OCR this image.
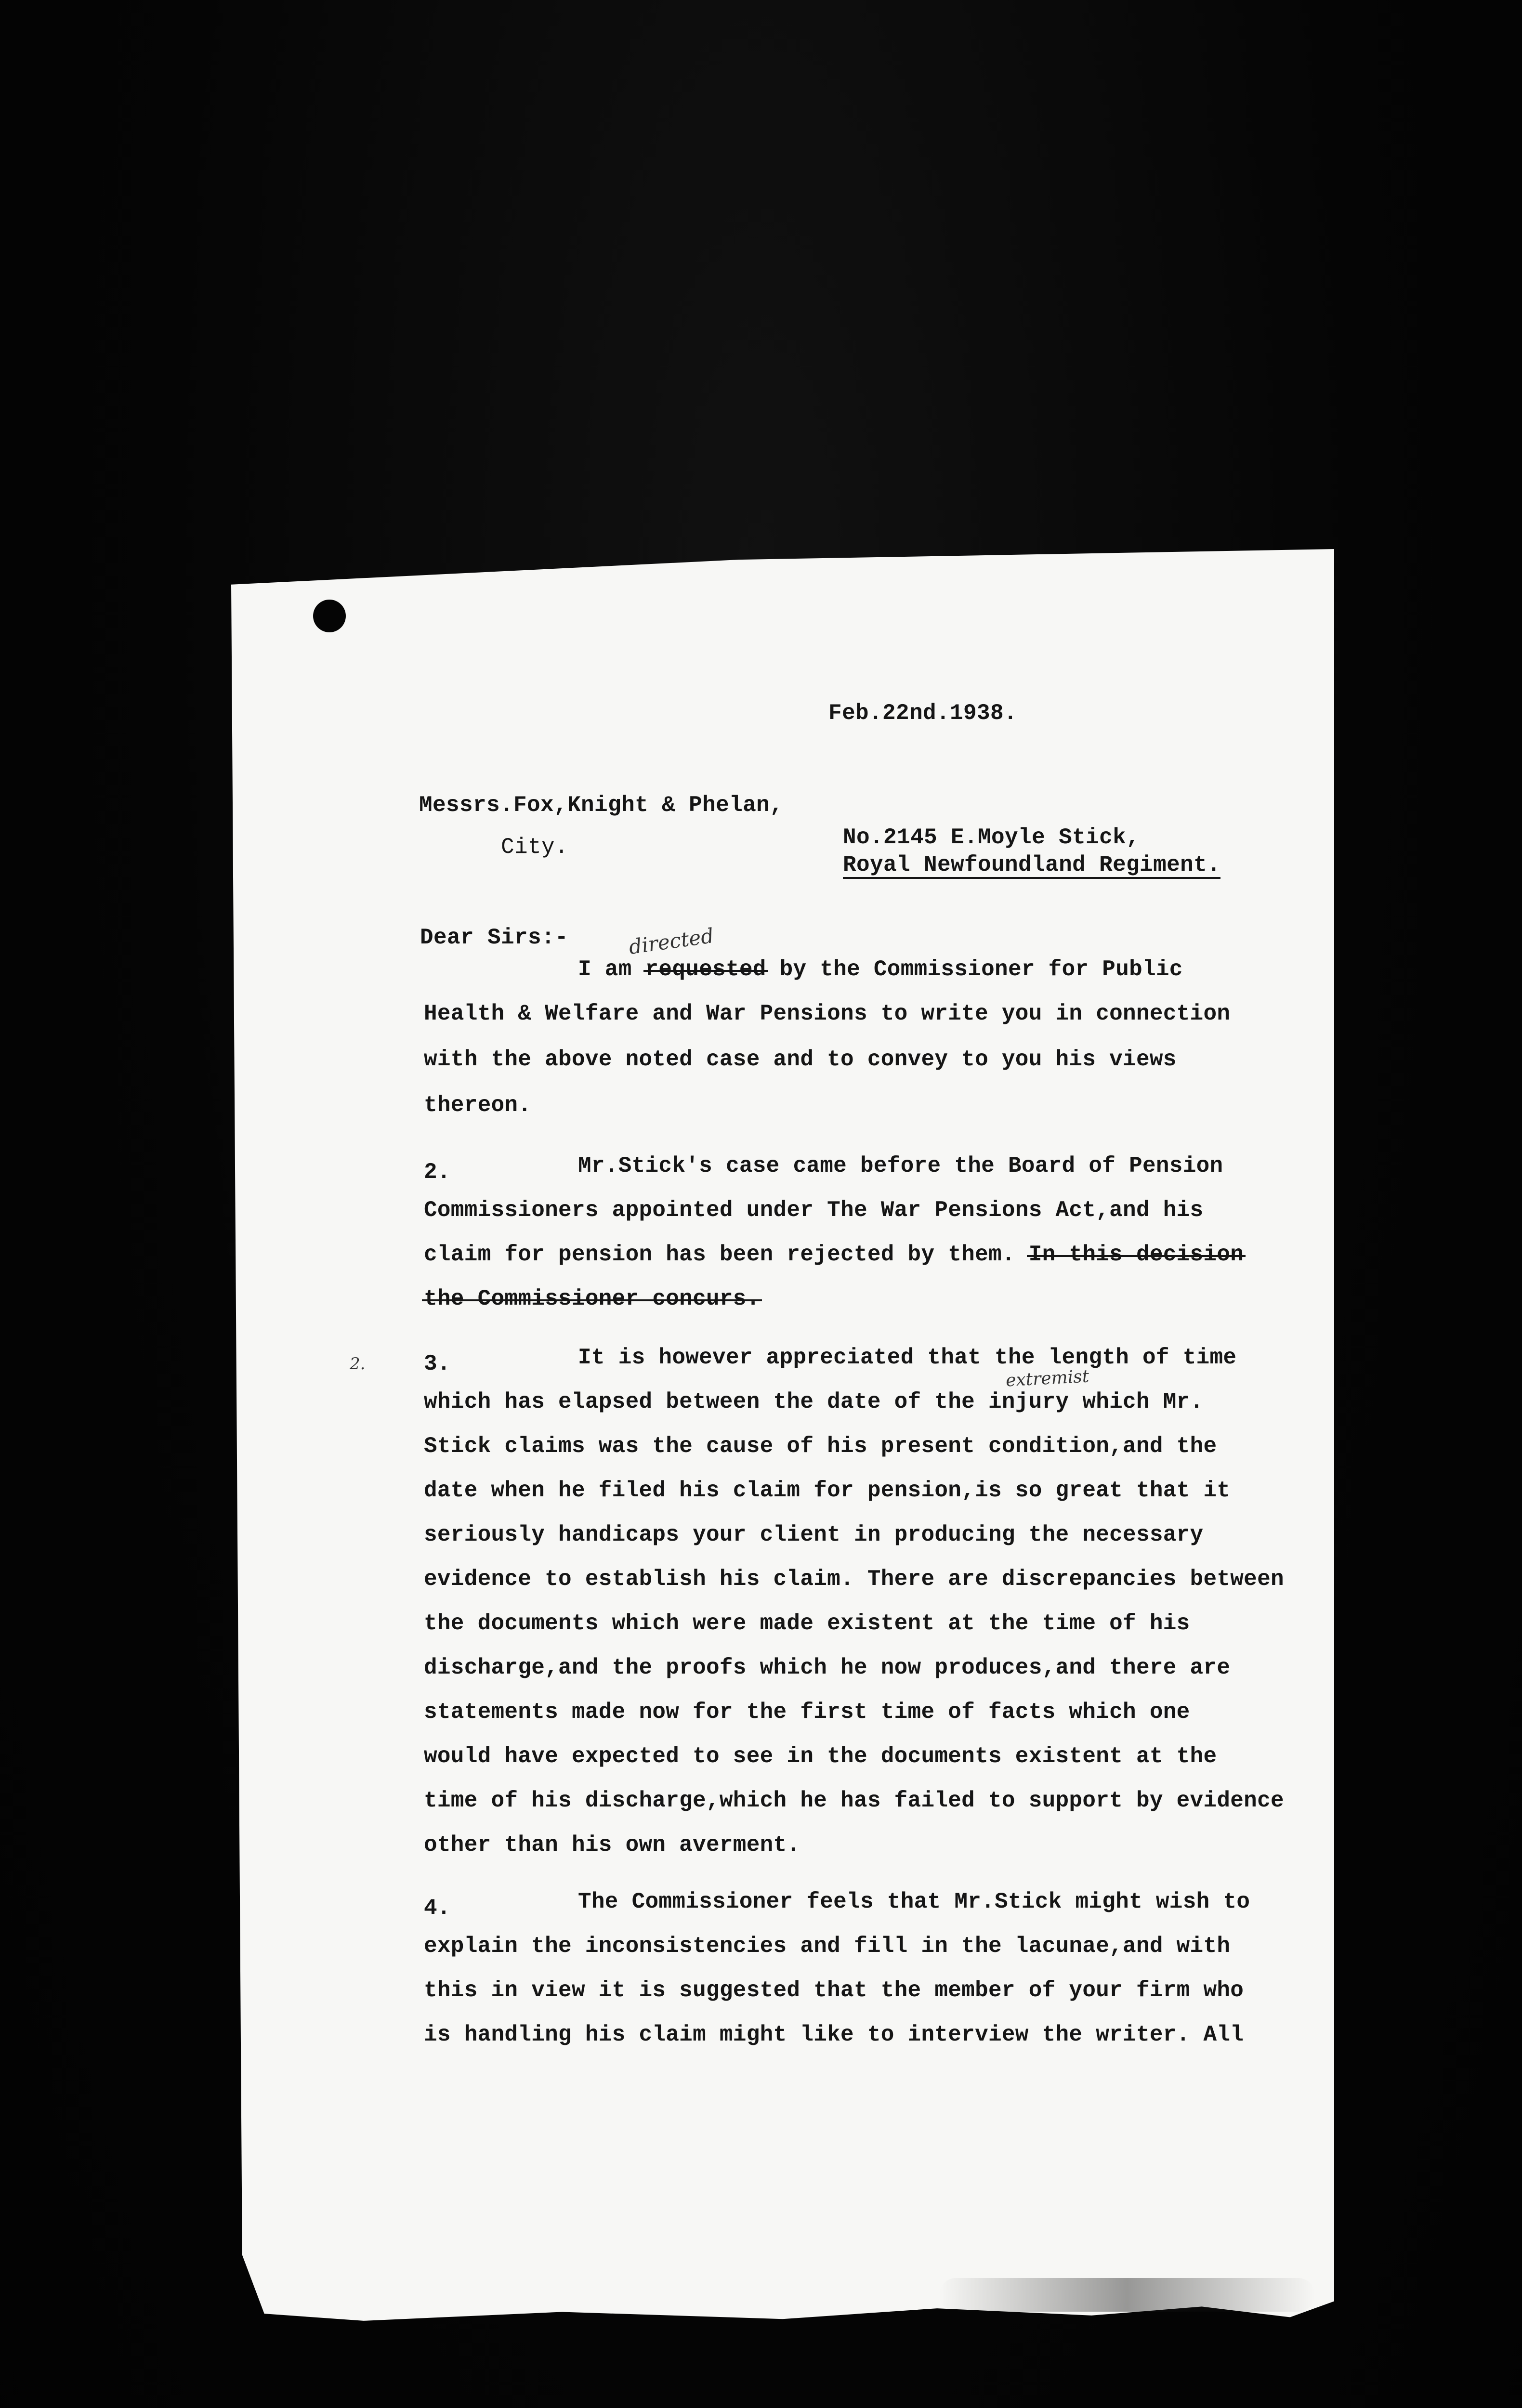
Feb.22nd.1938.
Messrs.Fox,Knight & Phelan,
City.	No.2145 E.Moyle Stick,
Royal Newfoundland Regiment.
Dear Sirs:-	directed
I am requested by the Commissioner for Public
Health & Welfare and War Pensions to write you in connection
with the above noted case and to convey to you his views
thereon.
2.	Mr.Stick's case came before the Board of Pension
Commissioners appointed under The War Pensions Act,and his
claim for pension has been rejected by them. In this decision
the Commissioner concurs.
2.	3.	It is however appreciated that the length of time
extremist
which has elapsed between the date of the injury which Mr.
Stick claims was the cause of his present condition,and the
date when he filed his claim for pension,is so great that it
seriously handicaps your client in producing the necessary
evidence to establish his claim. There are discrepancies between
the documents which were made existent at the time of his
discharge,and the proofs which he now produces,and there are
statements made now for the first time of facts which one
would have expected to see in the documents existent at the
time of his discharge,which he has failed to support by evidence
other than his own averment.
4.	The Commissioner feels that Mr.Stick might wish to
explain the inconsistencies and fill in the lacunae,and with
this in view it is suggested that the member of your firm who
is handling his claim might like to interview the writer. All
